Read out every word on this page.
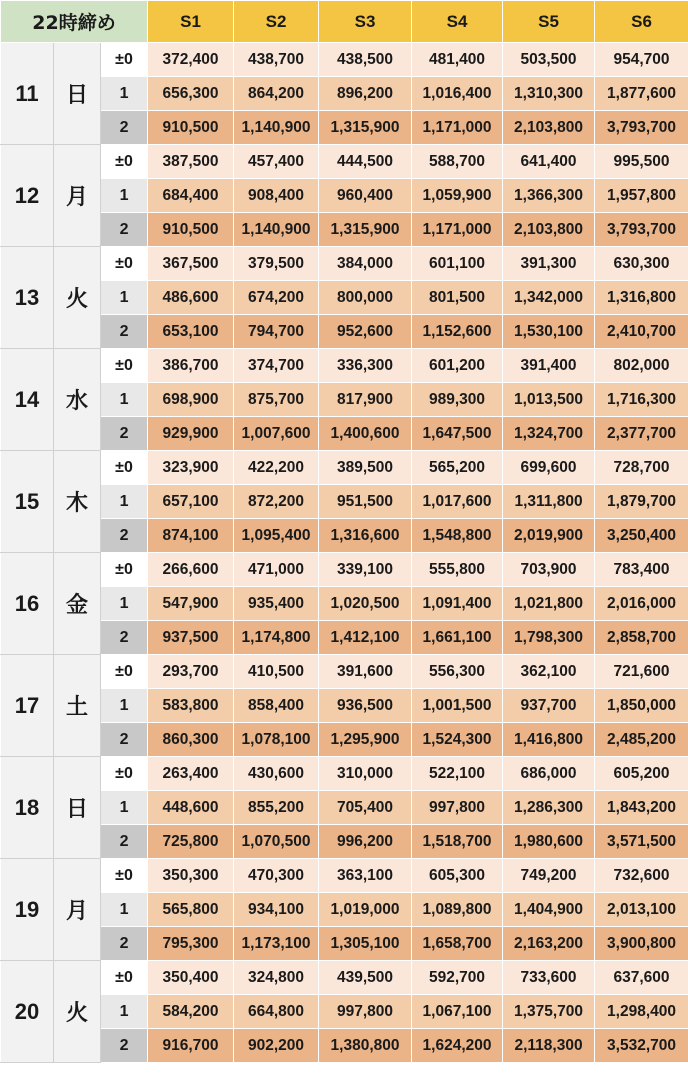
22時締め			S1	S2	S3	S4	S5	S6
11	日	±0	372,400	438,700	438,500	481,400	503,500	954,700
		1	656,300	864,200	896,200	1,016,400	1,310,300	1,877,600
		2	910,500	1,140,900	1,315,900	1,171,000	2,103,800	3,793,700
12	月	±0	387,500	457,400	444,500	588,700	641,400	995,500
		1	684,400	908,400	960,400	1,059,900	1,366,300	1,957,800
		2	910,500	1,140,900	1,315,900	1,171,000	2,103,800	3,793,700
13	火	±0	367,500	379,500	384,000	601,100	391,300	630,300
		1	486,600	674,200	800,000	801,500	1,342,000	1,316,800
		2	653,100	794,700	952,600	1,152,600	1,530,100	2,410,700
14	水	±0	386,700	374,700	336,300	601,200	391,400	802,000
		1	698,900	875,700	817,900	989,300	1,013,500	1,716,300
		2	929,900	1,007,600	1,400,600	1,647,500	1,324,700	2,377,700
15	木	±0	323,900	422,200	389,500	565,200	699,600	728,700
		1	657,100	872,200	951,500	1,017,600	1,311,800	1,879,700
		2	874,100	1,095,400	1,316,600	1,548,800	2,019,900	3,250,400
16	金	±0	266,600	471,000	339,100	555,800	703,900	783,400
		1	547,900	935,400	1,020,500	1,091,400	1,021,800	2,016,000
		2	937,500	1,174,800	1,412,100	1,661,100	1,798,300	2,858,700
17	土	±0	293,700	410,500	391,600	556,300	362,100	721,600
		1	583,800	858,400	936,500	1,001,500	937,700	1,850,000
		2	860,300	1,078,100	1,295,900	1,524,300	1,416,800	2,485,200
18	日	±0	263,400	430,600	310,000	522,100	686,000	605,200
		1	448,600	855,200	705,400	997,800	1,286,300	1,843,200
		2	725,800	1,070,500	996,200	1,518,700	1,980,600	3,571,500
19	月	±0	350,300	470,300	363,100	605,300	749,200	732,600
		1	565,800	934,100	1,019,000	1,089,800	1,404,900	2,013,100
		2	795,300	1,173,100	1,305,100	1,658,700	2,163,200	3,900,800
20	火	±0	350,400	324,800	439,500	592,700	733,600	637,600
		1	584,200	664,800	997,800	1,067,100	1,375,700	1,298,400
		2	916,700	902,200	1,380,800	1,624,200	2,118,300	3,532,700
